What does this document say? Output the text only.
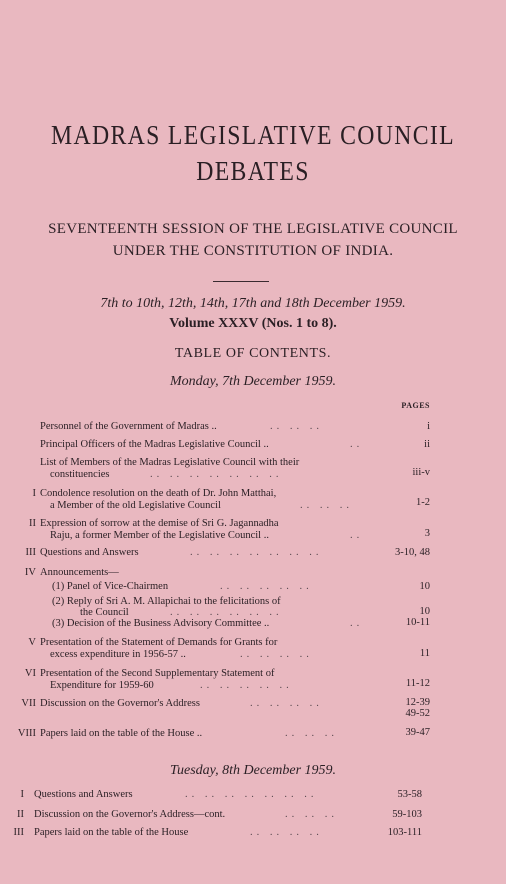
MADRAS LEGISLATIVE COUNCIL
DEBATES
SEVENTEENTH SESSION OF THE LEGISLATIVE COUNCIL
UNDER THE CONSTITUTION OF INDIA.
7th to 10th, 12th, 14th, 17th and 18th December 1959.
Volume XXXV (Nos. 1 to 8).
TABLE OF CONTENTS.
Monday, 7th December 1959.
PAGES
Personnel of the Government of Madras ..	.. .. ..	i
Principal Officers of the Madras Legislative Council ..	..	ii
List of Members of the Madras Legislative Council with their
constituencies	.. .. .. .. .. .. ..	iii-v
I Condolence resolution on the death of Dr. John Matthai,
a Member of the old Legislative Council	.. .. ..	1-2
II Expression of sorrow at the demise of Sri G. Jagannadha
Raju, a former Member of the Legislative Council ..	..	3
III Questions and Answers	.. .. .. .. .. .. ..	3-10, 48
IV Announcements—
(1) Panel of Vice-Chairmen	.. .. .. .. ..	10
(2) Reply of Sri A. M. Allapichai to the felicitations of
the Council	.. .. .. .. .. ..	10
(3) Decision of the Business Advisory Committee ..	..	10-11
V Presentation of the Statement of Demands for Grants for
excess expenditure in 1956-57 ..	.. .. .. ..	11
VI Presentation of the Second Supplementary Statement of
Expenditure for 1959-60	.. .. .. .. ..	11-12
VII Discussion on the Governor's Address	.. .. .. ..	12-39
49-52
VIII Papers laid on the table of the House ..	.. .. ..	39-47
Tuesday, 8th December 1959.
I Questions and Answers	.. .. .. .. .. .. ..	53-58
II Discussion on the Governor's Address—cont.	.. .. ..	59-103
III Papers laid on the table of the House	.. .. .. ..	103-111
